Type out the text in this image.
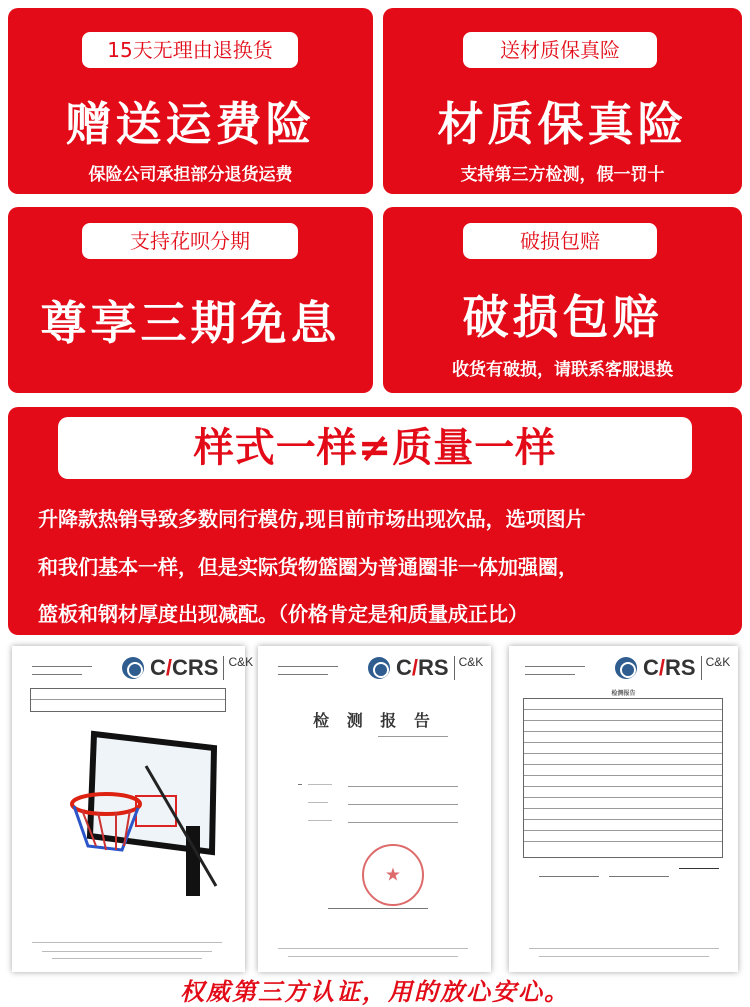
15天无理由退换货
赠送运费险
保险公司承担部分退货运费
送材质保真险
材质保真险
支持第三方检测，假一罚十
支持花呗分期
尊享三期免息
破损包赔
破损包赔
收货有破损，请联系客服退换
样式一样≠质量一样
升降款热销导致多数同行模仿,现目前市场出现次品，选项图片
和我们基本一样，但是实际货物篮圈为普通圈非一体加强圈，
篮板和钢材厚度出现减配。（价格肯定是和质量成正比）
C/CRS C&K
	C/RS C&K

检 测 报 告
★
C/RS C&K

检测报告
权威第三方认证，用的放心安心。
